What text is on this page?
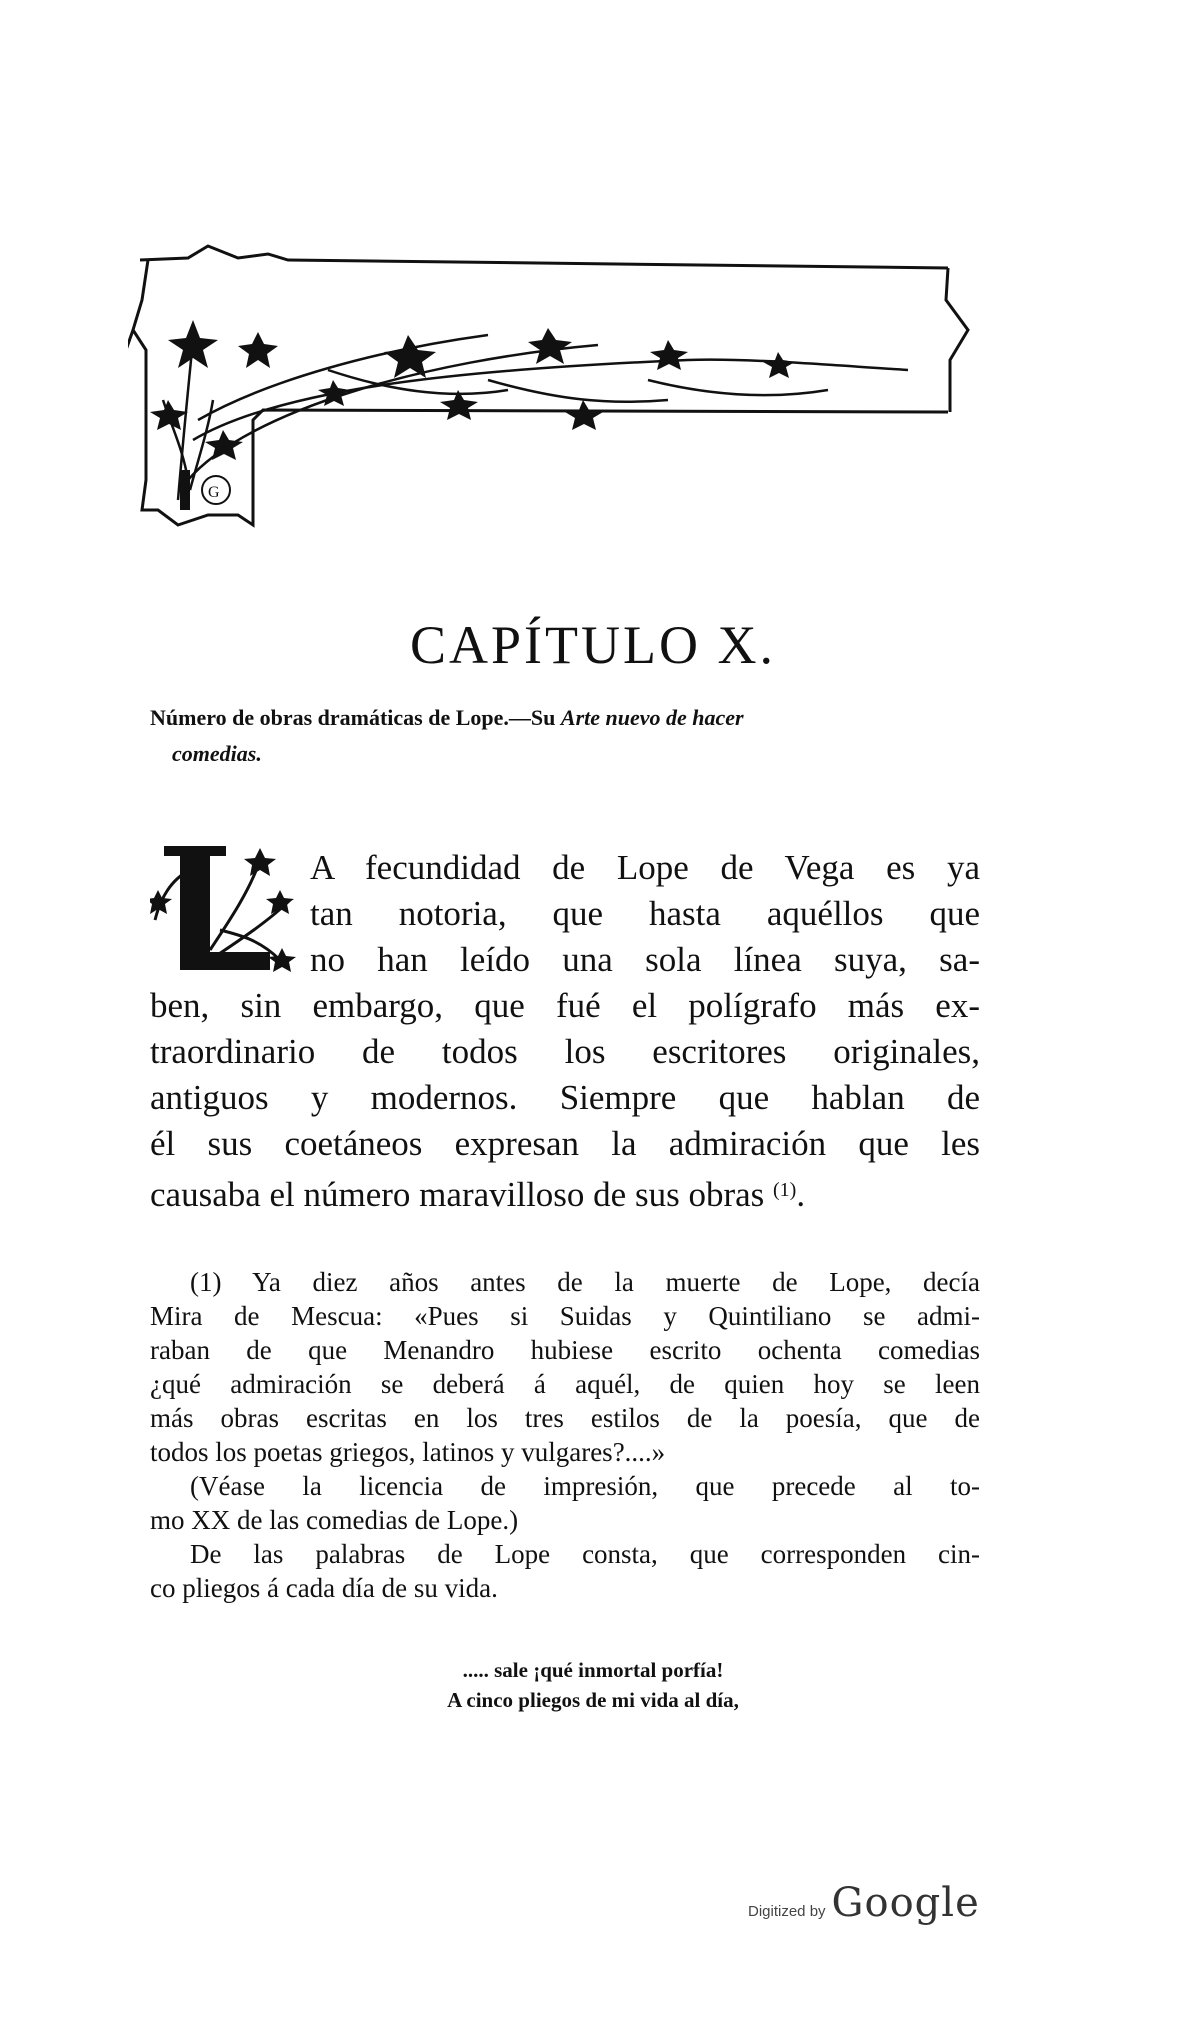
G
CAPÍTULO X.
Número de obras dramáticas de Lope.—Su Arte nuevo de hacer
comedias.
A fecundidad de Lope de Vega es ya
tan notoria, que hasta aquéllos que
no han leído una sola línea suya, sa-
ben, sin embargo, que fué el polígrafo más ex-
traordinario de todos los escritores originales,
antiguos y modernos. Siempre que hablan de
él sus coetáneos expresan la admiración que les
causaba el número maravilloso de sus obras $^{(1)}$.
(1) Ya diez años antes de la muerte de Lope, decía
Mira de Mescua: «Pues si Suidas y Quintiliano se admi-
raban de que Menandro hubiese escrito ochenta comedias
¿qué admiración se deberá á aquél, de quien hoy se leen
más obras escritas en los tres estilos de la poesía, que de
todos los poetas griegos, latinos y vulgares?....»
(Véase la licencia de impresión, que precede al to-
mo XX de las comedias de Lope.)
De las palabras de Lope consta, que corresponden cin-
co pliegos á cada día de su vida.
..... sale ¡qué inmortal porfía!
A cinco pliegos de mi vida al día,
Digitized by Google
